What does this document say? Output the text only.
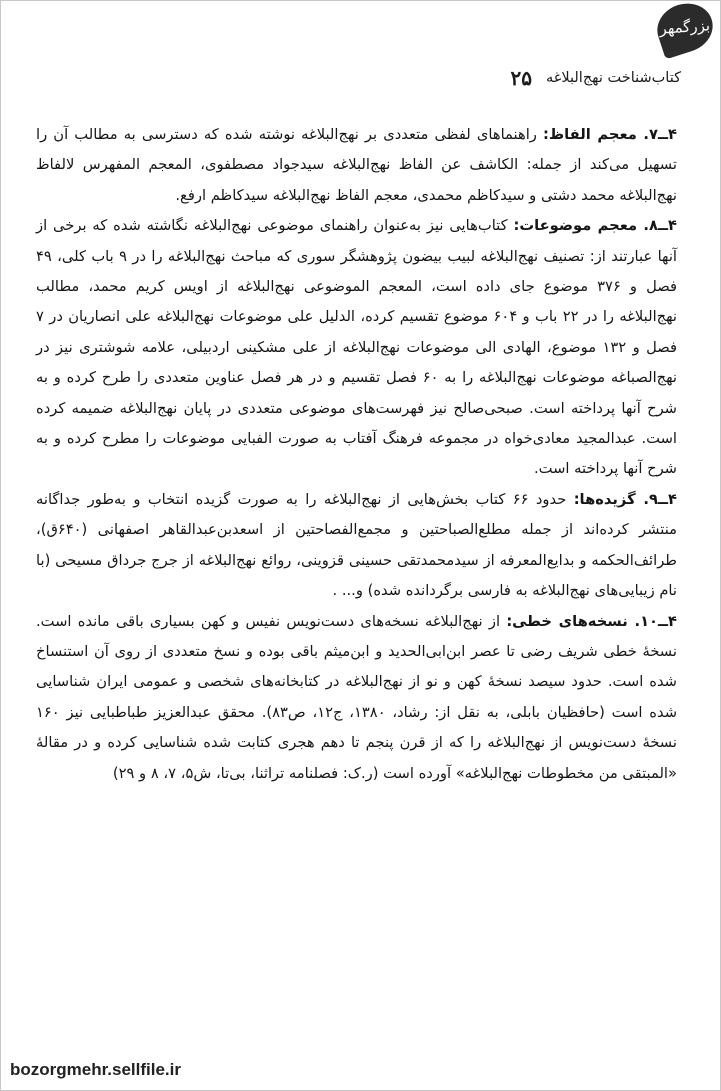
بزرگمهر
کتاب‌شناخت نهج‌البلاغه
۲۵

۴ــ۷. معجم الفاظ: راهنماهای لفظی متعددی بر نهج‌البلاغه نوشته شده که دسترسی به مطالب آن را تسهیل می‌کند از جمله: الکاشف عن الفاظ نهج‌البلاغه سیدجواد مصطفوی، المعجم المفهرس لالفاظ نهج‌البلاغه محمد دشتی و سیدکاظم محمدی، معجم الفاظ نهج‌البلاغه سیدکاظم ارفع.

۴ــ۸. معجم موضوعات: کتاب‌هایی نیز به‌عنوان راهنمای موضوعی نهج‌البلاغه نگاشته شده که برخی از آنها عبارتند از: تصنیف نهج‌البلاغه لبیب بیضون پژوهشگر سوری که مباحث نهج‌البلاغه را در ۹ باب کلی، ۴۹ فصل و ۳۷۶ موضوع جای داده است، المعجم الموضوعی نهج‌البلاغه از اویس کریم محمد، مطالب نهج‌البلاغه را در ۲۲ باب و ۶۰۴ موضوع تقسیم کرده، الدلیل علی موضوعات نهج‌البلاغه علی انصاریان در ۷ فصل و ۱۳۲ موضوع، الهادی الی موضوعات نهج‌البلاغه از علی مشکینی اردبیلی، علامه شوشتری نیز در نهج‌الصباغه موضوعات نهج‌البلاغه را به ۶۰ فصل تقسیم و در هر فصل عناوین متعددی را طرح کرده و به شرح آنها پرداخته است. صبحی‌صالح نیز فهرست‌های موضوعی متعددی در پایان نهج‌البلاغه ضمیمه کرده است. عبدالمجید معادی‌خواه در مجموعه فرهنگ آفتاب به صورت الفبایی موضوعات را مطرح کرده و به شرح آنها پرداخته است.

۴ــ۹. گزیده‌ها: حدود ۶۶ کتاب بخش‌هایی از نهج‌البلاغه را به صورت گزیده انتخاب و به‌طور جداگانه منتشر کرده‌اند از جمله مطلع‌الصباحتین و مجمع‌الفصاحتین از اسعدبن‌عبدالقاهر اصفهانی (۶۴۰ق)، طرائف‌الحکمه و بدایع‌المعرفه از سیدمحمدتقی حسینی قزوینی، روائع نهج‌البلاغه از جرج جرداق مسیحی (با نام زیبایی‌های نهج‌البلاغه به فارسی برگردانده شده) و... .

۴ــ۱۰. نسخه‌های خطی: از نهج‌البلاغه نسخه‌های دست‌نویس نفیس و کهن بسیاری باقی مانده است. نسخهٔ خطی شریف رضی تا عصر ابن‌ابی‌الحدید و ابن‌میثم باقی بوده و نسخ متعددی از روی آن استنساخ شده است. حدود سیصد نسخهٔ کهن و نو از نهج‌البلاغه در کتابخانه‌های شخصی و عمومی ایران شناسایی شده است (حافظیان بابلی، به نقل از: رشاد، ۱۳۸۰، ج۱۲، ص۸۳). محقق عبدالعزیز طباطبایی نیز ۱۶۰ نسخهٔ دست‌نویس از نهج‌البلاغه را که از قرن پنجم تا دهم هجری کتابت شده شناسایی کرده و در مقالهٔ «المبتقی من مخطوطات نهج‌البلاغه» آورده است (ر.ک: فصلنامه تراثنا، بی‌تا، ش۵، ۷، ۸ و ۲۹)

bozorgmehr.sellfile.ir
